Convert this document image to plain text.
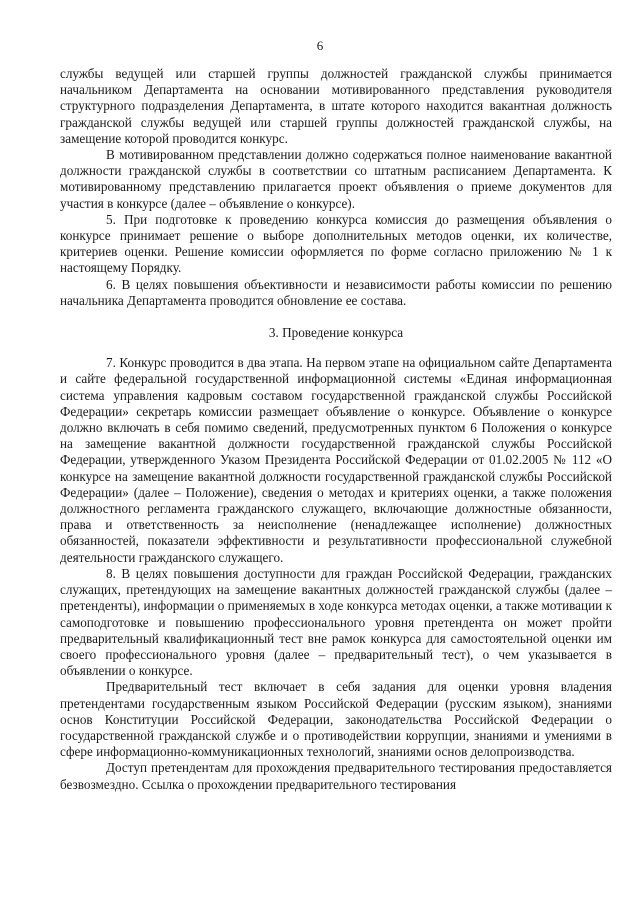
6

службы ведущей или старшей группы должностей гражданской службы принимается начальником Департамента на основании мотивированного представления руководителя структурного подразделения Департамента, в штате которого находится вакантная должность гражданской службы ведущей или старшей группы должностей гражданской службы, на замещение которой проводится конкурс.

В мотивированном представлении должно содержаться полное наименование вакантной должности гражданской службы в соответствии со штатным расписанием Департамента. К мотивированному представлению прилагается проект объявления о приеме документов для участия в конкурсе (далее – объявление о конкурсе).

5. При подготовке к проведению конкурса комиссия до размещения объявления о конкурсе принимает решение о выборе дополнительных методов оценки, их количестве, критериев оценки. Решение комиссии оформляется по форме согласно приложению № 1 к настоящему Порядку.

6. В целях повышения объективности и независимости работы комиссии по решению начальника Департамента проводится обновление ее состава.

3. Проведение конкурса

7. Конкурс проводится в два этапа. На первом этапе на официальном сайте Департамента и сайте федеральной государственной информационной системы «Единая информационная система управления кадровым составом государственной гражданской службы Российской Федерации» секретарь комиссии размещает объявление о конкурсе. Объявление о конкурсе должно включать в себя помимо сведений, предусмотренных пунктом 6 Положения о конкурсе на замещение вакантной должности государственной гражданской службы Российской Федерации, утвержденного Указом Президента Российской Федерации от 01.02.2005 № 112 «О конкурсе на замещение вакантной должности государственной гражданской службы Российской Федерации» (далее – Положение), сведения о методах и критериях оценки, а также положения должностного регламента гражданского служащего, включающие должностные обязанности, права и ответственность за неисполнение (ненадлежащее исполнение) должностных обязанностей, показатели эффективности и результативности профессиональной служебной деятельности гражданского служащего.

8. В целях повышения доступности для граждан Российской Федерации, гражданских служащих, претендующих на замещение вакантных должностей гражданской службы (далее – претенденты), информации о применяемых в ходе конкурса методах оценки, а также мотивации к самоподготовке и повышению профессионального уровня претендента он может пройти предварительный квалификационный тест вне рамок конкурса для самостоятельной оценки им своего профессионального уровня (далее – предварительный тест), о чем указывается в объявлении о конкурсе.

Предварительный тест включает в себя задания для оценки уровня владения претендентами государственным языком Российской Федерации (русским языком), знаниями основ Конституции Российской Федерации, законодательства Российской Федерации о государственной гражданской службе и о противодействии коррупции, знаниями и умениями в сфере информационно-коммуникационных технологий, знаниями основ делопроизводства.

Доступ претендентам для прохождения предварительного тестирования предоставляется безвозмездно. Ссылка о прохождении предварительного тестирования
